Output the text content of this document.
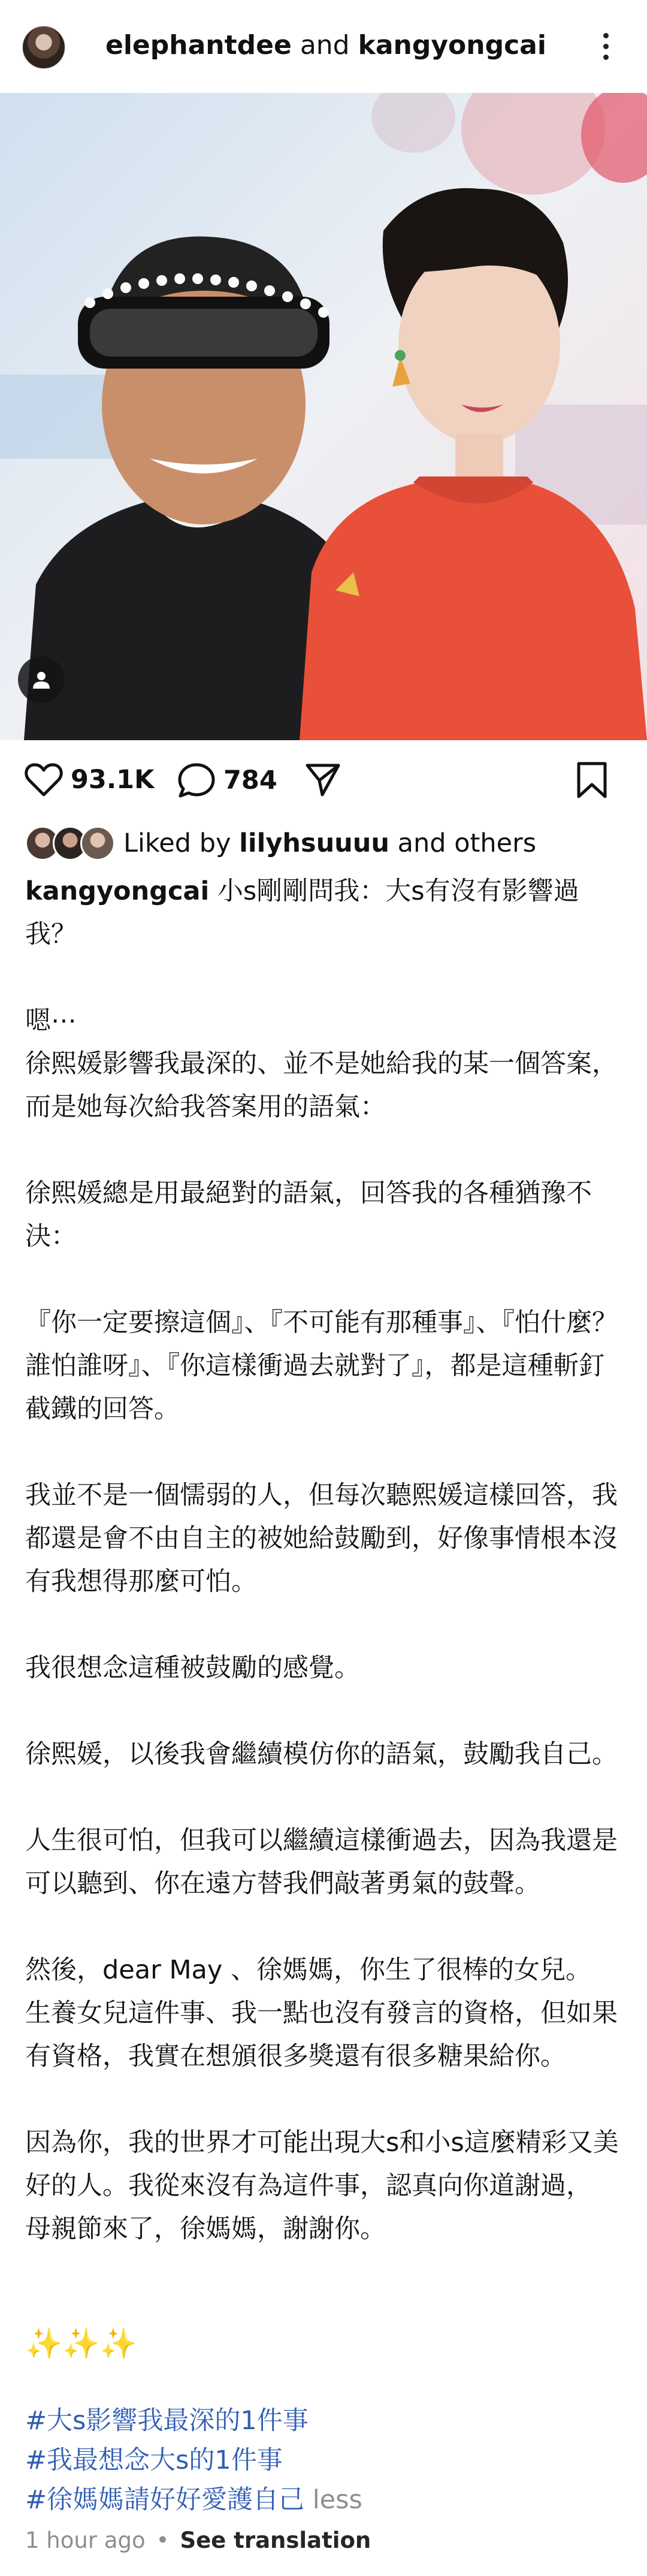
elephantdee and kangyongcai
93.1K	784
Liked by lilyhsuuuu and others
kangyongcai 小s剛剛問我：大s有沒有影響過我？

嗯⋯
徐熙媛影響我最深的、並不是她給我的某一個答案，而是她每次給我答案用的語氣：

徐熙媛總是用最絕對的語氣，回答我的各種猶豫不決：

『你一定要擦這個』、『不可能有那種事』、『怕什麼？誰怕誰呀』、『你這樣衝過去就對了』，都是這種斬釘截鐵的回答。

我並不是一個懦弱的人，但每次聽熙媛這樣回答，我都還是會不由自主的被她給鼓勵到，好像事情根本沒有我想得那麼可怕。

我很想念這種被鼓勵的感覺。

徐熙媛，以後我會繼續模仿你的語氣，鼓勵我自己。

人生很可怕，但我可以繼續這樣衝過去，因為我還是可以聽到、你在遠方替我們敲著勇氣的鼓聲。

然後，dear May 、徐媽媽，你生了很棒的女兒。
生養女兒這件事、我一點也沒有發言的資格，但如果有資格，我實在想頒很多獎還有很多糖果給你。

因為你，我的世界才可能出現大s和小s這麼精彩又美好的人。我從來沒有為這件事，認真向你道謝過，
母親節來了，徐媽媽，謝謝你。
✨✨✨
#大s影響我最深的1件事
#我最想念大s的1件事
#徐媽媽請好好愛護自己 less
1 hour ago • See translation
